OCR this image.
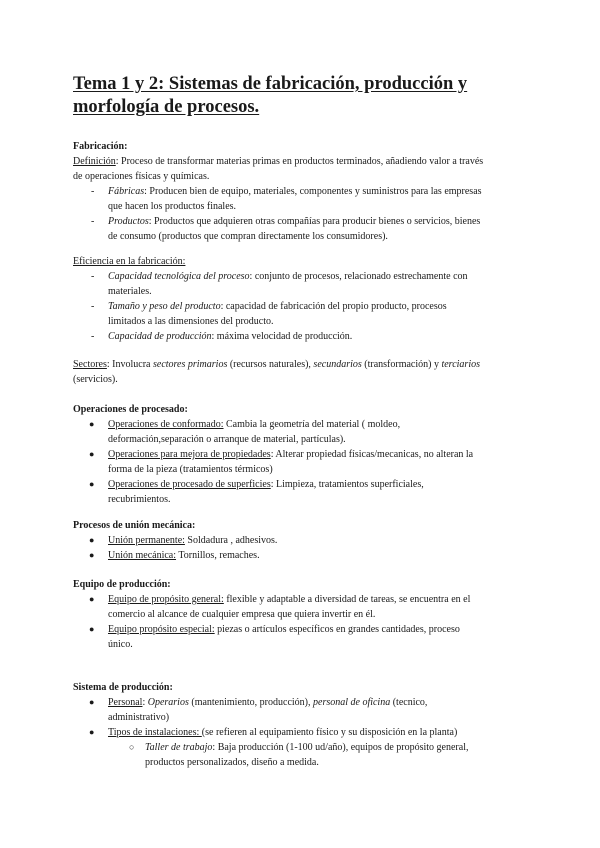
Tema 1 y 2: Sistemas de fabricación, producción y morfología de procesos.
Fabricación:
Definición: Proceso de transformar materias primas en productos terminados, añadiendo valor a través
de operaciones físicas y químicas.
- Fábricas: Producen bien de equipo, materiales, componentes y suministros para las empresas
que hacen los productos finales.
- Productos: Productos que adquieren otras compañías para producir bienes o servicios, bienes
de consumo (productos que compran directamente los consumidores).
Eficiencia en la fabricación:
- Capacidad tecnológica del proceso: conjunto de procesos, relacionado estrechamente con
materiales.
- Tamaño y peso del producto: capacidad de fabricación del propio producto, procesos
limitados a las dimensiones del producto.
- Capacidad de producción: máxima velocidad de producción.
Sectores: Involucra sectores primarios (recursos naturales), secundarios (transformación) y terciarios
(servicios).
Operaciones de procesado:
● Operaciones de conformado: Cambia la geometría del material ( moldeo,
deformación,separación o arranque de material, partículas).
● Operaciones para mejora de propiedades: Alterar propiedad físicas/mecanicas, no alteran la
forma de la pieza (tratamientos térmicos)
● Operaciones de procesado de superficies: Limpieza, tratamientos superficiales,
recubrimientos.
Procesos de unión mecánica:
● Unión permanente: Soldadura , adhesivos.
● Unión mecánica: Tornillos, remaches.
Equipo de producción:
● Equipo de propósito general: flexible y adaptable a diversidad de tareas, se encuentra en el
comercio al alcance de cualquier empresa que quiera invertir en él.
● Equipo propósito especial: piezas o artículos específicos en grandes cantidades, proceso
único.
Sistema de producción:
● Personal: Operarios (mantenimiento, producción), personal de oficina (tecnico,
administrativo)
● Tipos de instalaciones: (se refieren al equipamiento físico y su disposición en la planta)
○ Taller de trabajo: Baja producción (1-100 ud/año), equipos de propósito general,
productos personalizados, diseño a medida.
